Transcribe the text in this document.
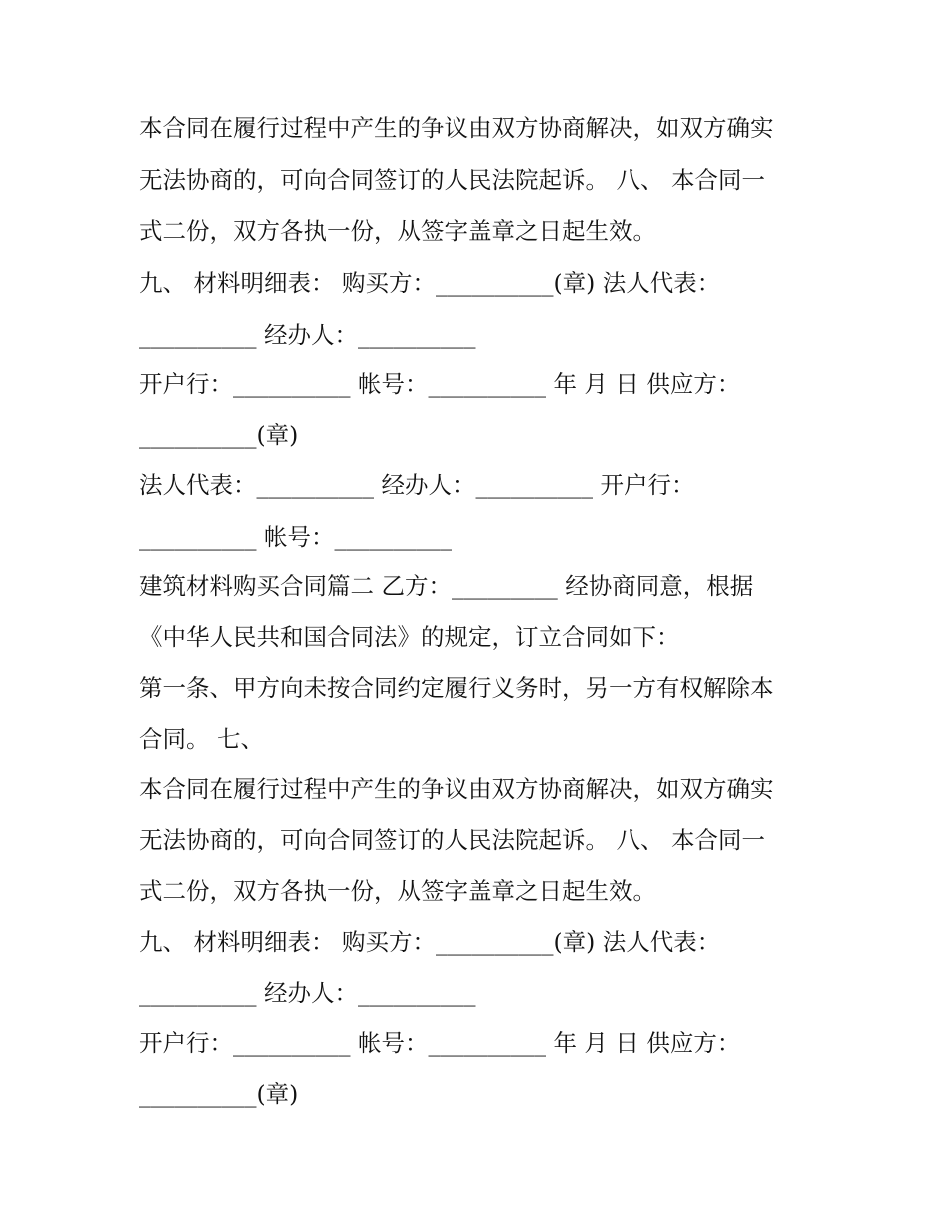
本合同在履行过程中产生的争议由双方协商解决，如双方确实
无法协商的，可向合同签订的人民法院起诉。 八、 本合同一
式二份，双方各执一份，从签字盖章之日起生效。
九、 材料明细表： 购买方：__________(章) 法人代表：
__________ 经办人：__________
开户行：__________ 帐号：__________ 年 月 日 供应方：
__________(章)
法人代表：__________ 经办人：__________ 开户行：
__________ 帐号：__________
建筑材料购买合同篇二 乙方：_________ 经协商同意，根据
《中华人民共和国合同法》的规定，订立合同如下：
第一条、甲方向未按合同约定履行义务时，另一方有权解除本
合同。 七、
本合同在履行过程中产生的争议由双方协商解决，如双方确实
无法协商的，可向合同签订的人民法院起诉。 八、 本合同一
式二份，双方各执一份，从签字盖章之日起生效。
九、 材料明细表： 购买方：__________(章) 法人代表：
__________ 经办人：__________
开户行：__________ 帐号：__________ 年 月 日 供应方：
__________(章)
